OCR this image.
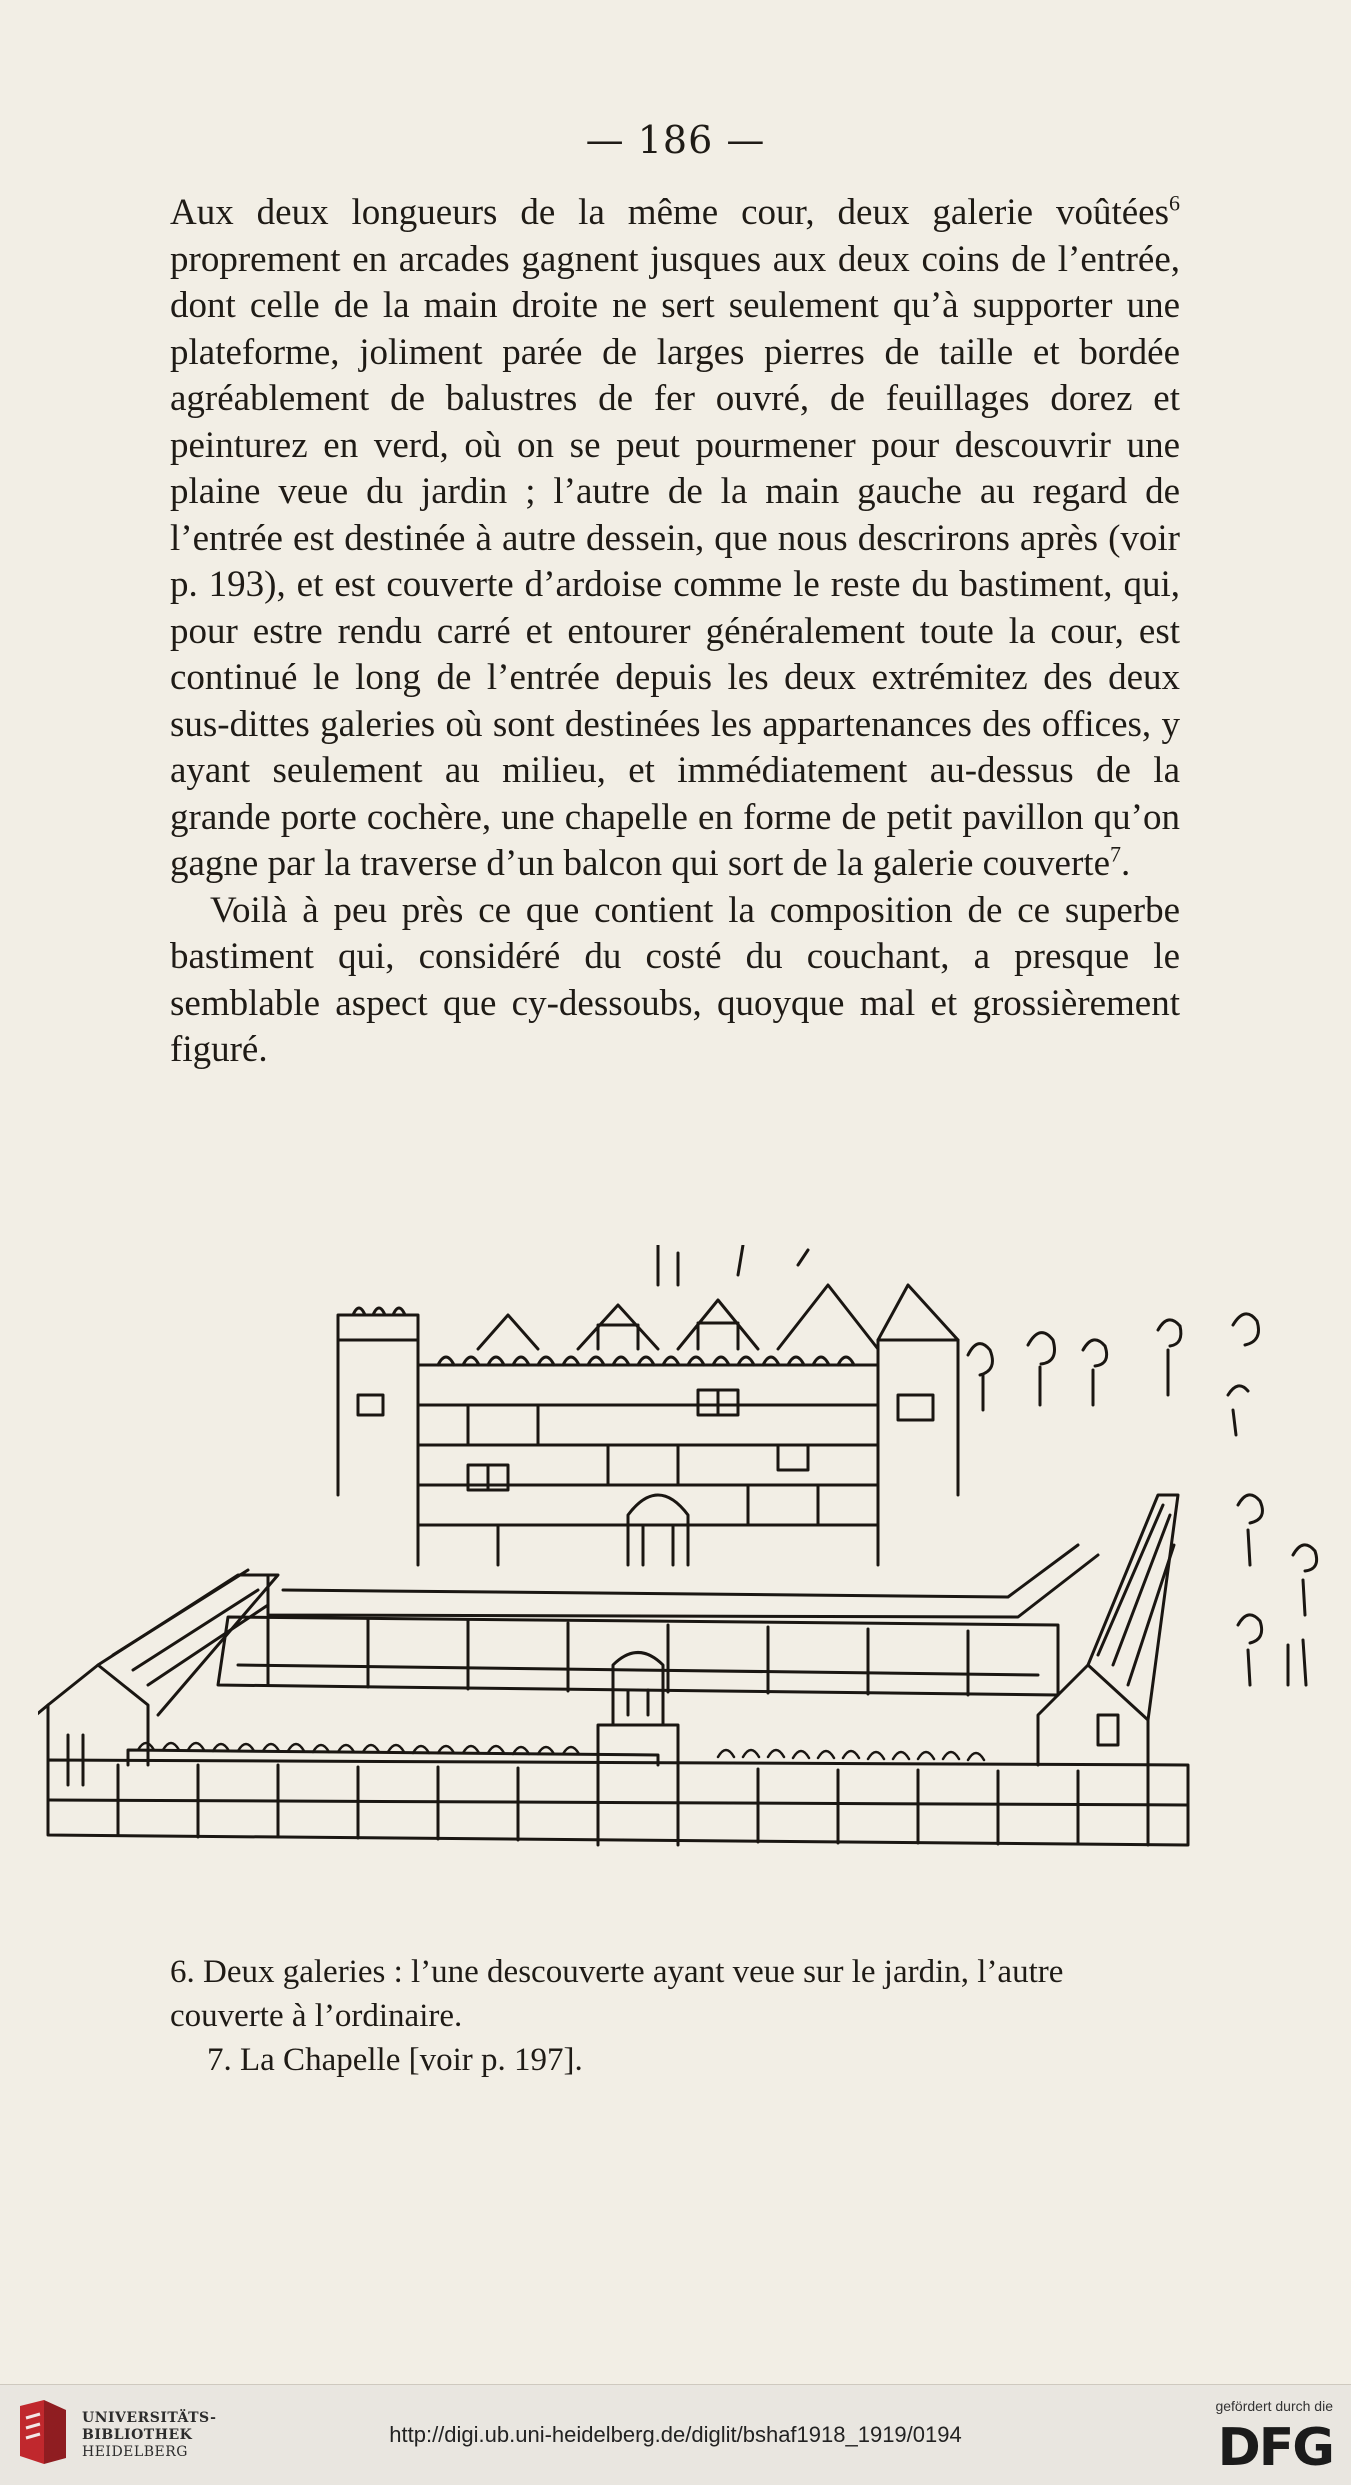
— 186 —

Aux deux longueurs de la même cour, deux galerie voûtées$^6$ proprement en arcades gagnent jusques aux deux coins de l’entrée, dont celle de la main droite ne sert seulement qu’à supporter une plateforme, joliment parée de larges pierres de taille et bordée agréablement de balustres de fer ouvré, de feuillages dorez et peinturez en verd, où on se peut pourmener pour descouvrir une plaine veue du jardin ; l’autre de la main gauche au regard de l’entrée est destinée à autre dessein, que nous descrirons après (voir p. 193), et est couverte d’ardoise comme le reste du bastiment, qui, pour estre rendu carré et entourer généralement toute la cour, est continué le long de l’entrée depuis les deux extrémitez des deux sus-dittes galeries où sont destinées les appartenances des offices, y ayant seulement au milieu, et immédiatement au-dessus de la grande porte cochère, une chapelle en forme de petit pavillon qu’on gagne par la traverse d’un balcon qui sort de la galerie couverte$^7$.

Voilà à peu près ce que contient la composition de ce superbe bastiment qui, considéré du costé du couchant, a presque le semblable aspect que cy-dessoubs, quoyque mal et grossièrement figuré.

6. Deux galeries : l’une descouverte ayant veue sur le jardin, l’autre couverte à l’ordinaire.
7. La Chapelle [voir p. 197].
UNIVERSITÄTS-
BIBLIOTHEK
HEIDELBERG
http://digi.ub.uni-heidelberg.de/diglit/bshaf1918_1919/0194
gefördert durch die
DFG
